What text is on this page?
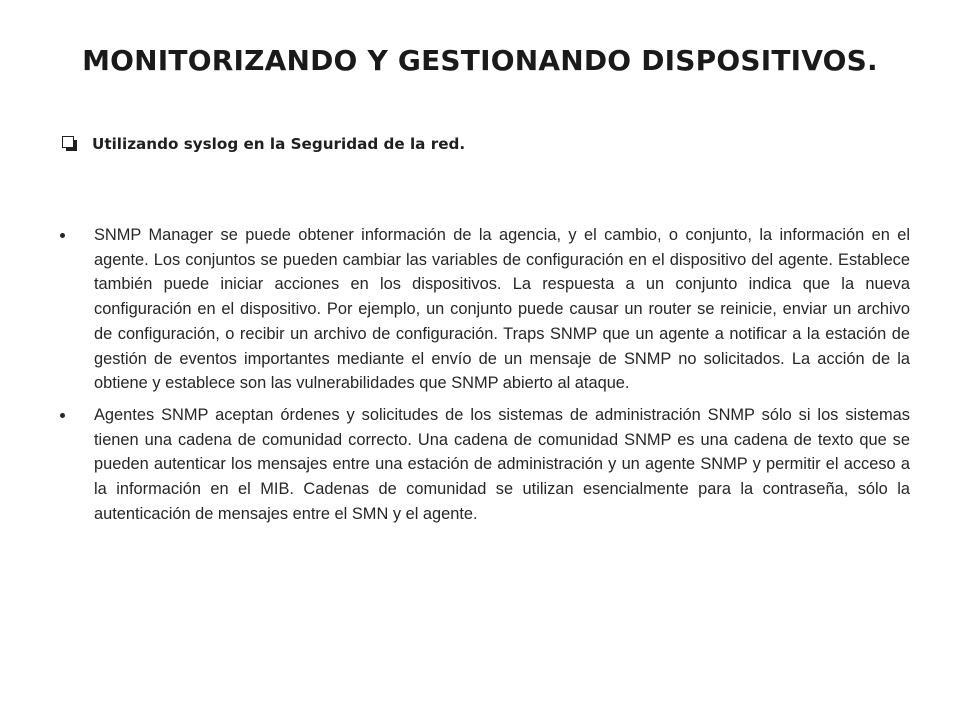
MONITORIZANDO Y GESTIONANDO DISPOSITIVOS.
Utilizando syslog en la Seguridad de la red.
SNMP Manager se puede obtener información de la agencia, y el cambio, o conjunto, la información en el agente. Los conjuntos se pueden cambiar las variables de configuración en el dispositivo del agente. Establece también puede iniciar acciones en los dispositivos. La respuesta a un conjunto indica que la nueva configuración en el dispositivo. Por ejemplo, un conjunto puede causar un router se reinicie, enviar un archivo de configuración, o recibir un archivo de configuración. Traps SNMP que un agente a notificar a la estación de gestión de eventos importantes mediante el envío de un mensaje de SNMP no solicitados. La acción de la obtiene y establece son las vulnerabilidades que SNMP abierto al ataque.
Agentes SNMP aceptan órdenes y solicitudes de los sistemas de administración SNMP sólo si los sistemas tienen una cadena de comunidad correcto. Una cadena de comunidad SNMP es una cadena de texto que se pueden autenticar los mensajes entre una estación de administración y un agente SNMP y permitir el acceso a la información en el MIB. Cadenas de comunidad se utilizan esencialmente para la contraseña, sólo la autenticación de mensajes entre el SMN y el agente.
